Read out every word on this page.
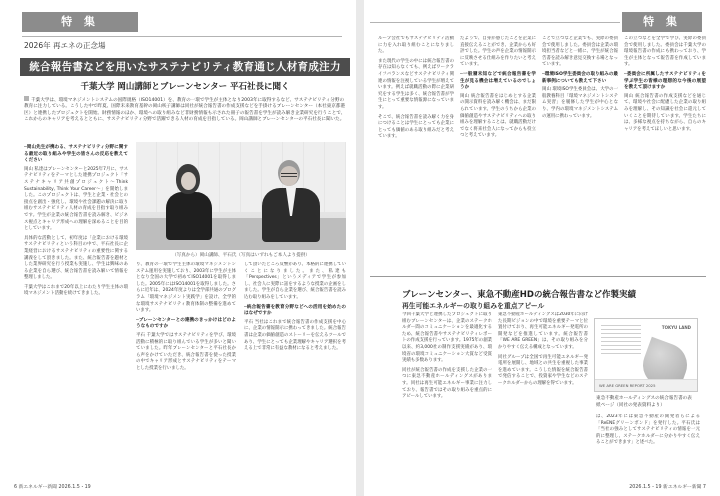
特 集
2026年 再エネの正念場
統合報告書などを用いたサステナビリティ教育通じ人材育成注力
千葉大学 岡山講師とブレーンセンター 平石社長に聞く
千葉大学は、環境マネジメントシステムの国際規格（ISO14001）を、教育の一環で学生が主体となり2003年に取得するなど、サステナビリティ分野の教育に注力している。こうした中で昨夏、国際未来教育基幹の岡山咲子講師は同社が統合報告書の作成支援などを手掛けるブレーンセンター（本社東京都港区）と連携したプロジェクトを開始。財務情報のほか、環境への取り組みなど非財務情報も示された冊子の報告書を学生が読み解き企業研究を行うことで、これからのキャリアを考えるとともに、サステナビリティ分野で活躍できる人材の育成を目指している。岡山講師とブレーンセンターの平石社長に聞いた。
─岡山先生が携わる、サステナビリティ分野に関する最近の取り組みや学生の皆さんの反応を教えてください

岡山 私達はブレーンセンターと2025年7月に、サステナビリティをテーマとした連携プロジェクト「サステナキャリア共創プロジェクト〜Think Sustainability, Think Your Career〜」を開始しました。このプロジェクトは、学生と企業・社会との接点を創出・強化し、環境や社会課題の解決に取り組むサステナビリティ人材の育成を目指す取り組みです。学生が企業の統合報告書を読み解き、ビジネス視点とキャリア形成への理解を深めることを目的としています。

具体的な活動として、初年度は「企業における環境サステナビリティという科目の中で、平石社長に企業経営におけるサステナビリティの重要性に関する講義をして頂きました。また、統合報告書を題材とした業界研究を行う授業も実施し、学生は興味のある企業を自ら選び、統合報告書を読み解いて情報を整理しました。

千葉大学はこれまで20年以上にわたり学生主体の環境マネジメント活動を続けてきました。

（写真から）岡山講師、平石氏（写真はいずれもご本人より提供）

り、教育の一環で学生主体の環境マネジメントシステム運用を実施しており、2003年に学生が主体となり全国の大学で初めてISO14001を取得しました。2005年にはISO14001を取得しました。さらに近年は、2024年度よりは全学部共通のプログラム「環境マネジメント実践学」を設け、全学的な環境サステナビリティ教育体制の整備を進めています。

─ブレーンセンターとの連携のきっかけはどのようなものですか

平石 千葉大学ではサステナビリティを学び、環境活動に積極的に取り組んでいる学生が多いと聞いていました。昨年ブレーンセンターと平石社長から声をかけていただき、統合報告書を使った授業の中でキャリア形成とサステナビリティをテーマとした授業を行いました。

して頂いたところ反響があり、本格的に連携していくことになりました。また、私達も「Perspectives」というメディアで学生が参加し、社会人に実際に話をするような授業の企画をしました。学生が自ら企業を選び、統合報告書を読み込む取り組みをしています。

─統合報告書を教育分野などへの活用を始めたのはなぜですか

平石 当社はこれまで統合報告書の作成支援を中心に、企業の情報開示に携わってきました。統合報告書は企業の価値創造のストーリーを伝えるツールであり、学生にとっても企業理解やキャリア選択を考える上で非常に有益な教材になると考えました。

6 新エネルギー新聞 2026.1.5・19
特 集

ループ会社でもサステナビリティ活動に力を入れ取り組むことになりました。

また現代の学生の中には統合報告書の存在は知らなくても、例えばワークライフバランスなどサステナビリティ関連の情報を注視している学生が増えています。例えば就職活動の際に企業研究をする学生は多く、統合報告書が学生にとって重要な情報源になっています。

そこで、統合報告書を読み解く力を身につけることは学生にとっても企業にとっても価値のある取り組みだと考えています。

たようで、自身が感じたことを企業に直接伝えることができ、企業からも好評でした。学生の声を企業の情報開示に反映させる仕組みを作りたいと考えています。

─一般層未知などで統合報告書を学生が見る機会は増えているのでしょうか

岡山 統合報告書をはじめとする企業の開示資料を読み解く機会は、まだ限られています。学生のうちから企業の価値創造やサステナビリティへの取り組みを理解することは、就職活動だけでなく将来社会人になってからも役立つと考えています。

ことで立つなど企業でも、実際の委員会で使用しました。委員会は企業の環境担当者などと一緒に、学生が統合報告書を読み解き意見交換する場となっています。

─環境ISO学生委員会の取り組みの最新事例についても教えて下さい

岡山 環境ISO学生委員会は、大学の一般教養科目「環境マネジメントシステム実習」を履修した学生が中心となり、学内の環境マネジメントシステムの運用に携わっています。

この立つなどを全学で学び、実際の委員会で使用しました。委員会は千葉大学の環境報告書の作成にも携わっており、学生が主体となって報告書を作成しています。

─委員会に所属したサステナビリティを学ぶ学生の皆様の理想的な今後の展望を教えて頂けますか

岡山 統合報告書の作成支援などを通じて、環境や社会に配慮した企業の取り組みを理解し、その知識を社会に還元していくことを期待しています。学生たちには、多様な視点を持ちながら、自らのキャリアを考えてほしいと思います。

ブレーンセンター、東急不動産HDの統合報告書など作製実績
再生可能エネルギーの取り組みを重点アピール

今回千葉大学と連携したプロジェクトに取り組むブレーンセンターは、企業のステークホルダー間のコミュニケーションを最適化するため、統合報告書やサステナビリティレポートの作成支援を行っています。1975年の創業以来、約3,000社の制作支援実績があり、環境省の環境コミュニケーション大賞など受賞実績も多数あります。

同社が統合報告書の作成を支援した企業の一つに東急不動産ホールディングスがあります。同社は再生可能エネルギー事業に注力しており、報告書ではその取り組みを重点的にアピールしています。

東急不動産ホールディングスは2030年に向けた長期ビジョンの中で環境を重要テーマと位置付けており、再生可能エネルギー発電所の開発などを推進しています。統合報告書「WE ARE GREEN」は、その取り組みを分かりやすく伝える構成となっています。

同社グループは全国で再生可能エネルギー発電所を展開し、地域との共生を重視した事業を進めています。こうした情報を統合報告書で発信することで、投資家や学生などのステークホルダーからの理解を得ています。

TOKYU LAND
WE ARE GREEN REPORT 2025
東急不動産ホールディングスの統合報告書の表紙ページ（同社の発表資料より）

は、2023年には東急不動産の開発者らによる「ReENEグリーンポンド」を発行した。平石氏は「当社の強みとしてサステナビリティの情報を一元的に整理し、ステークホルダーに分かりやすく伝えることができます」と述べた。

2026.1.5・19 新エネルギー新聞 7
